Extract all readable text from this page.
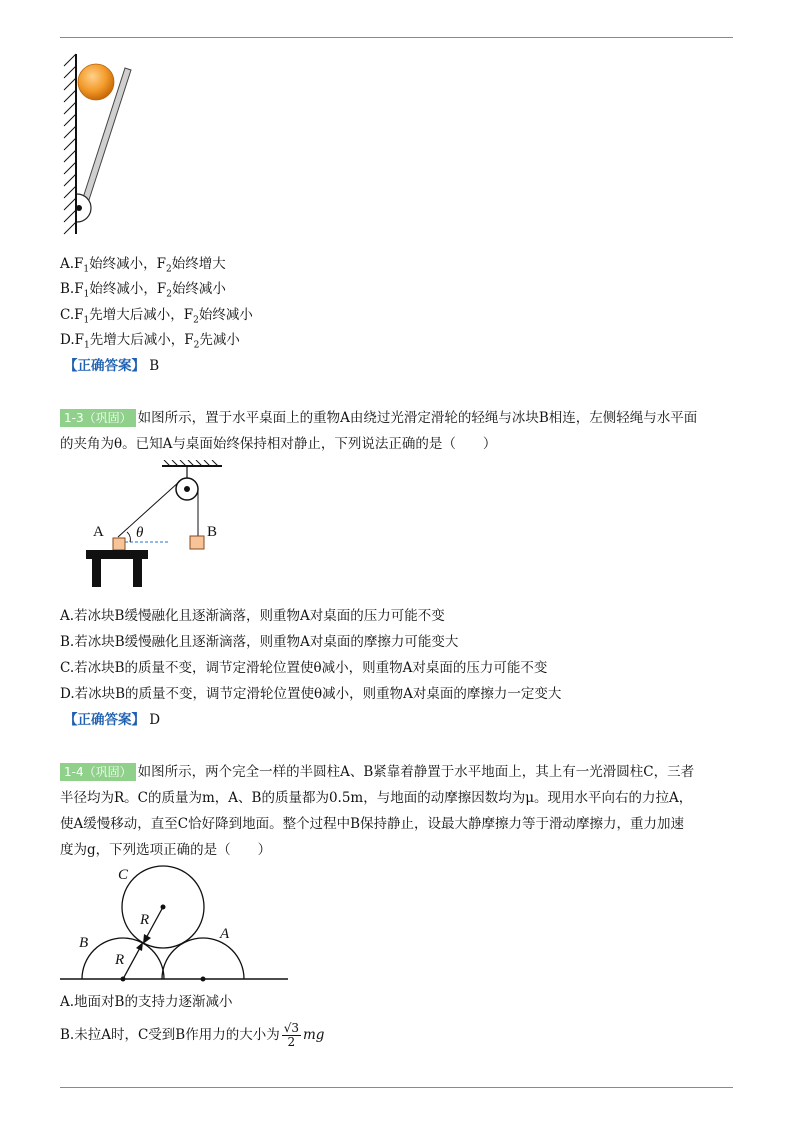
$A.F_1$始终减小，$F_2$始终增大
$B.F_1$始终减小，$F_2$始终减小
$C.F_1$先增大后减小，$F_2$始终减小
$D.F_1$先增大后减小，$F_2$先减小
【正确答案】 B
1-3（巩固） 如图所示，置于水平桌面上的重物A由绕过光滑定滑轮的轻绳与冰块B相连，左侧轻绳与水平面
的夹角为θ。已知A与桌面始终保持相对静止，下列说法正确的是（　　）
A	B
θ
A.若冰块B缓慢融化且逐渐滴落，则重物A对桌面的压力可能不变
B.若冰块B缓慢融化且逐渐滴落，则重物A对桌面的摩擦力可能变大
C.若冰块B的质量不变，调节定滑轮位置使θ减小，则重物A对桌面的压力可能不变
D.若冰块B的质量不变，调节定滑轮位置使θ减小，则重物A对桌面的摩擦力一定变大
【正确答案】 D
1-4（巩固） 如图所示，两个完全一样的半圆柱A、B紧靠着静置于水平地面上，其上有一光滑圆柱C，三者
半径均为R。C的质量为m，A、B的质量都为0.5m，与地面的动摩擦因数均为μ。现用水平向右的力拉A，
使A缓慢移动，直至C恰好降到地面。整个过程中B保持静止，设最大静摩擦力等于滑动摩擦力，重力加速
度为g，下列选项正确的是（　　）
C
B
A
R
R
A.地面对B的支持力逐渐减小
B.未拉A时，C受到B作用力的大小为 $\frac{√3}{2}$ mg
